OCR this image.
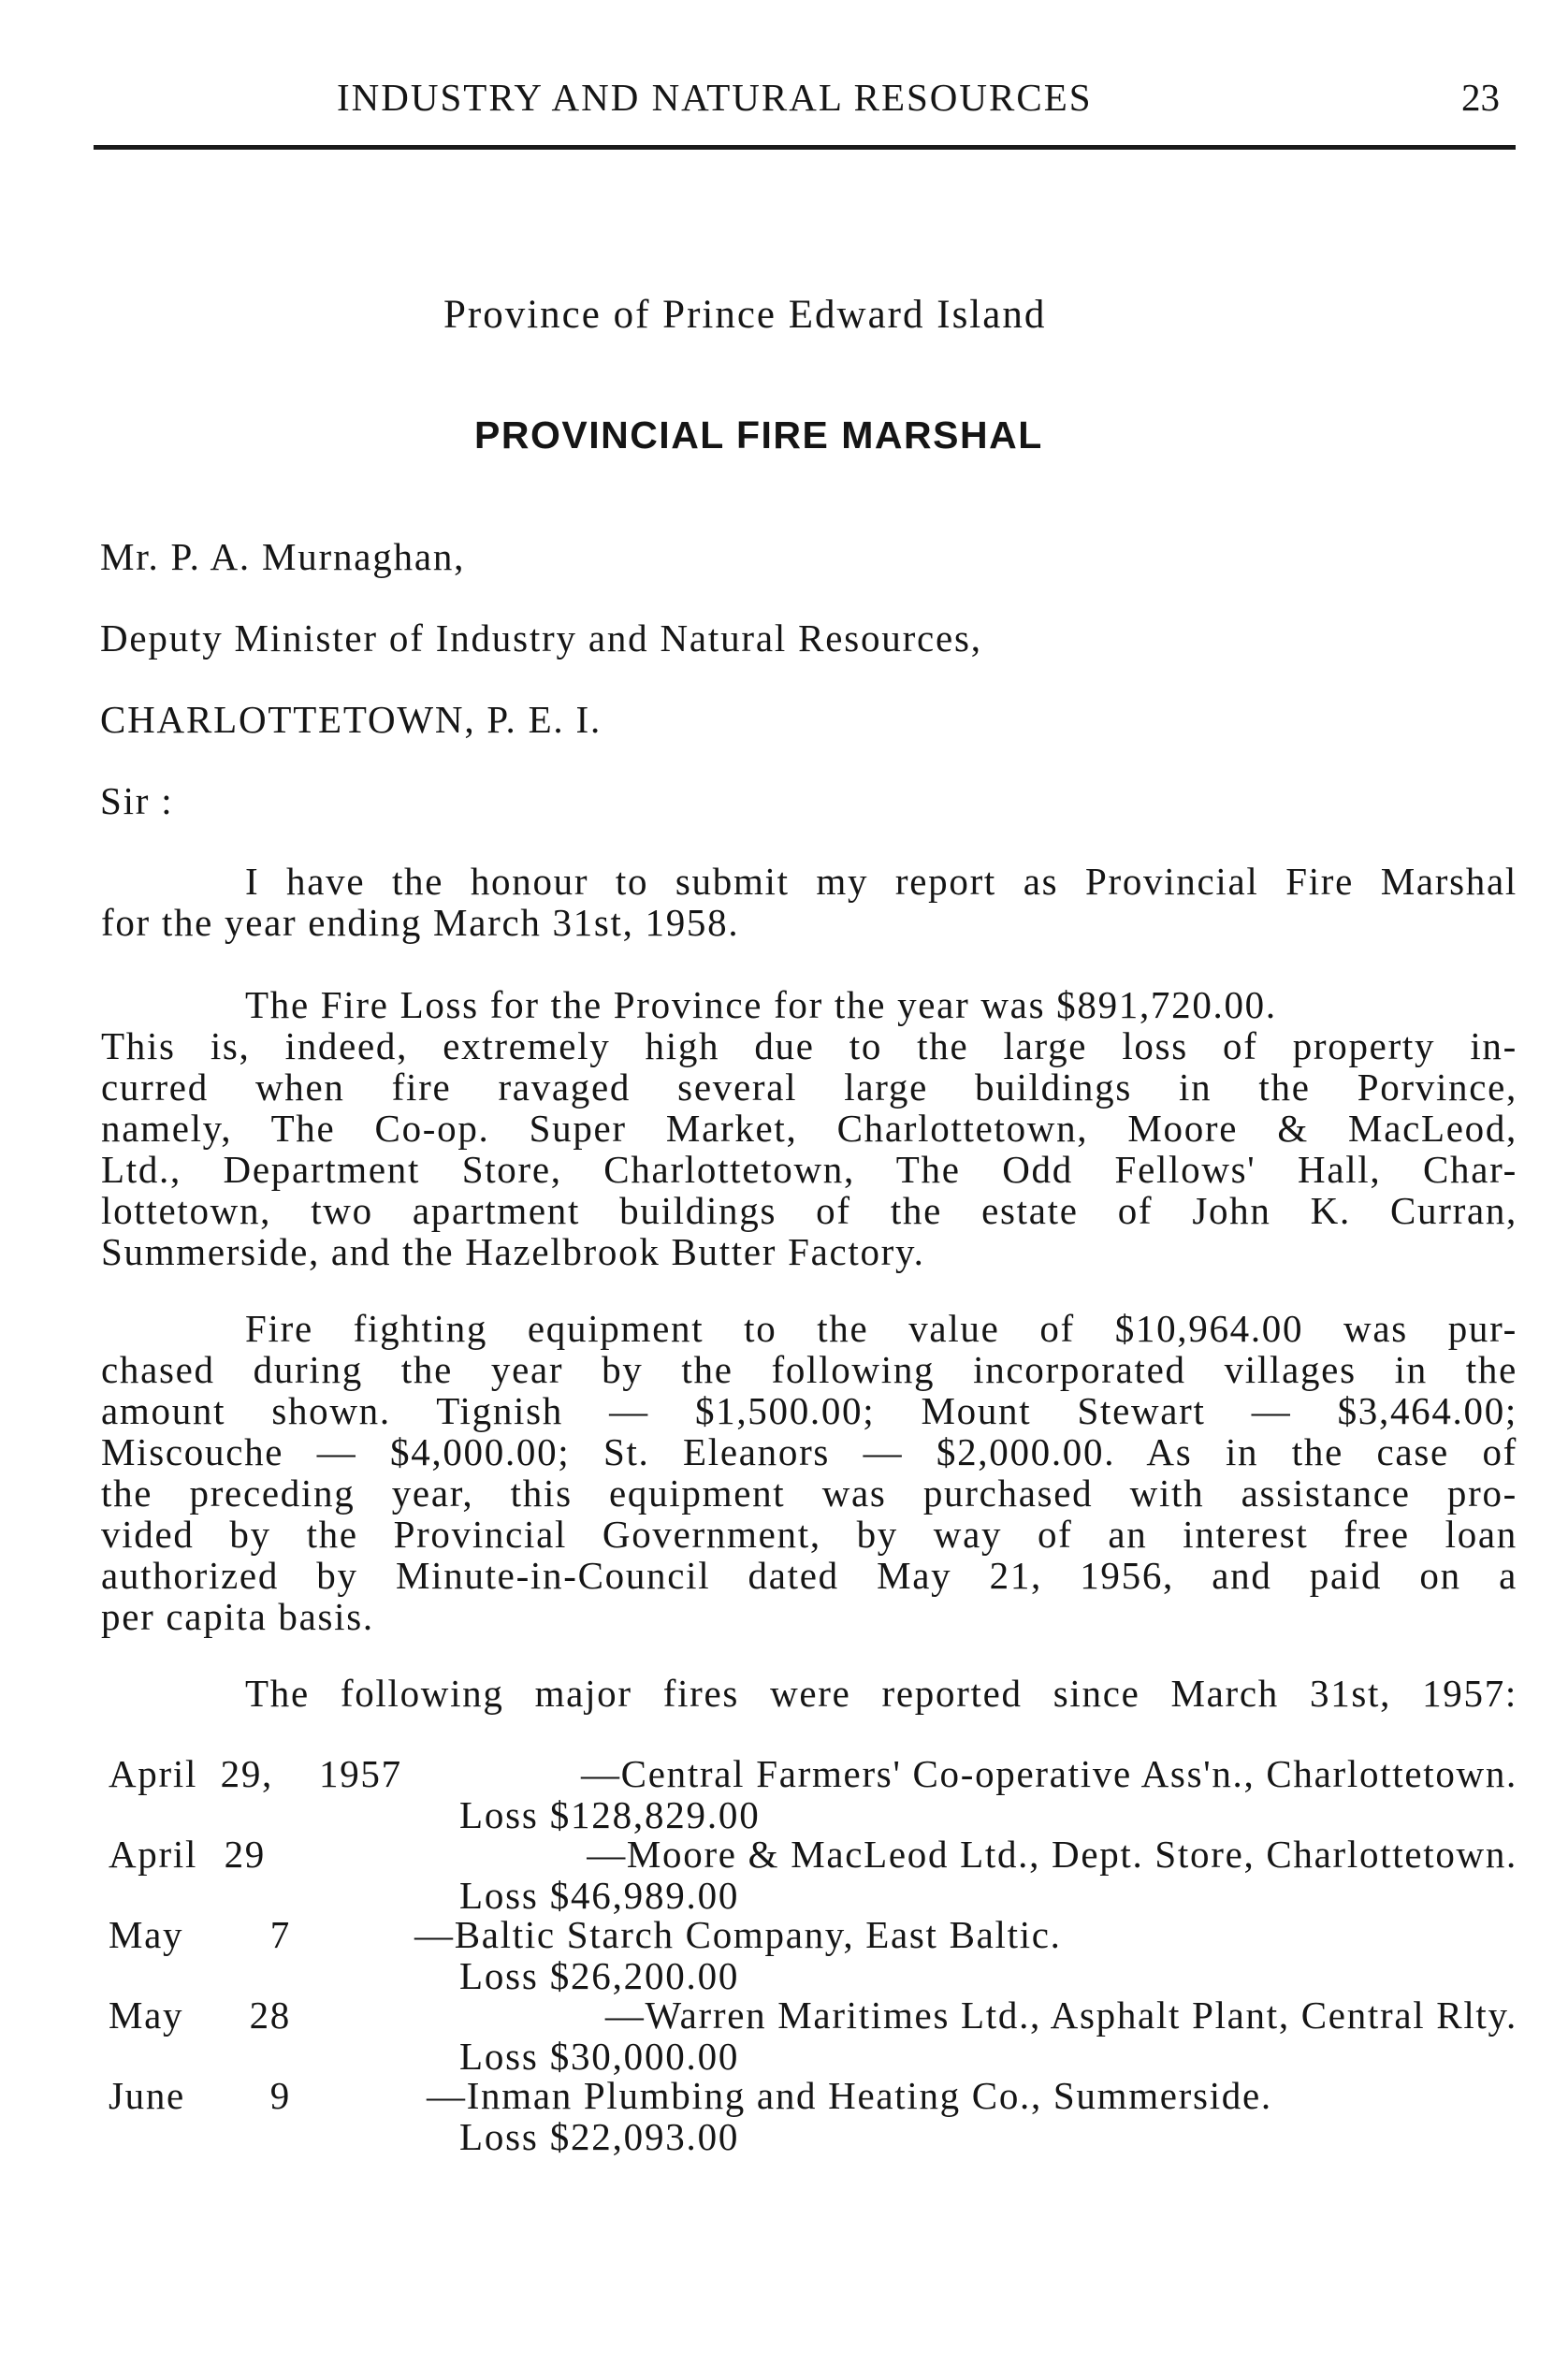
INDUSTRY AND NATURAL RESOURCES	23
Province of Prince Edward Island
PROVINCIAL FIRE MARSHAL
Mr. P. A. Murnaghan,
Deputy Minister of Industry and Natural Resources,
CHARLOTTETOWN, P. E. I.
Sir :
I have the honour to submit my report as Provincial Fire Marshal
for the year ending March 31st, 1958.
The Fire Loss for the Province for the year was $891,720.00.
This is, indeed, extremely high due to the large loss of property in-
curred when fire ravaged several large buildings in the Porvince,
namely, The Co-op. Super Market, Charlottetown, Moore & MacLeod,
Ltd., Department Store, Charlottetown, The Odd Fellows' Hall, Char-
lottetown, two apartment buildings of the estate of John K. Curran,
Summerside, and the Hazelbrook Butter Factory.
Fire fighting equipment to the value of $10,964.00 was pur-
chased during the year by the following incorporated villages in the
amount shown. Tignish — $1,500.00; Mount Stewart — $3,464.00;
Miscouche — $4,000.00; St. Eleanors — $2,000.00. As in the case of
the preceding year, this equipment was purchased with assistance pro-
vided by the Provincial Government, by way of an interest free loan
authorized by Minute-in-Council dated May 21, 1956, and paid on a
per capita basis.
The following major fires were reported since March 31st, 1957:
April 29, 1957	—Central Farmers' Co-operative Ass'n., Charlottetown.
Loss $128,829.00
April 29	—Moore & MacLeod Ltd., Dept. Store, Charlottetown.
Loss $46,989.00
May	7	—Baltic Starch Company, East Baltic.
Loss $26,200.00
May	28	—Warren Maritimes Ltd., Asphalt Plant, Central Rlty.
Loss $30,000.00
June	9	—Inman Plumbing and Heating Co., Summerside.
Loss $22,093.00
